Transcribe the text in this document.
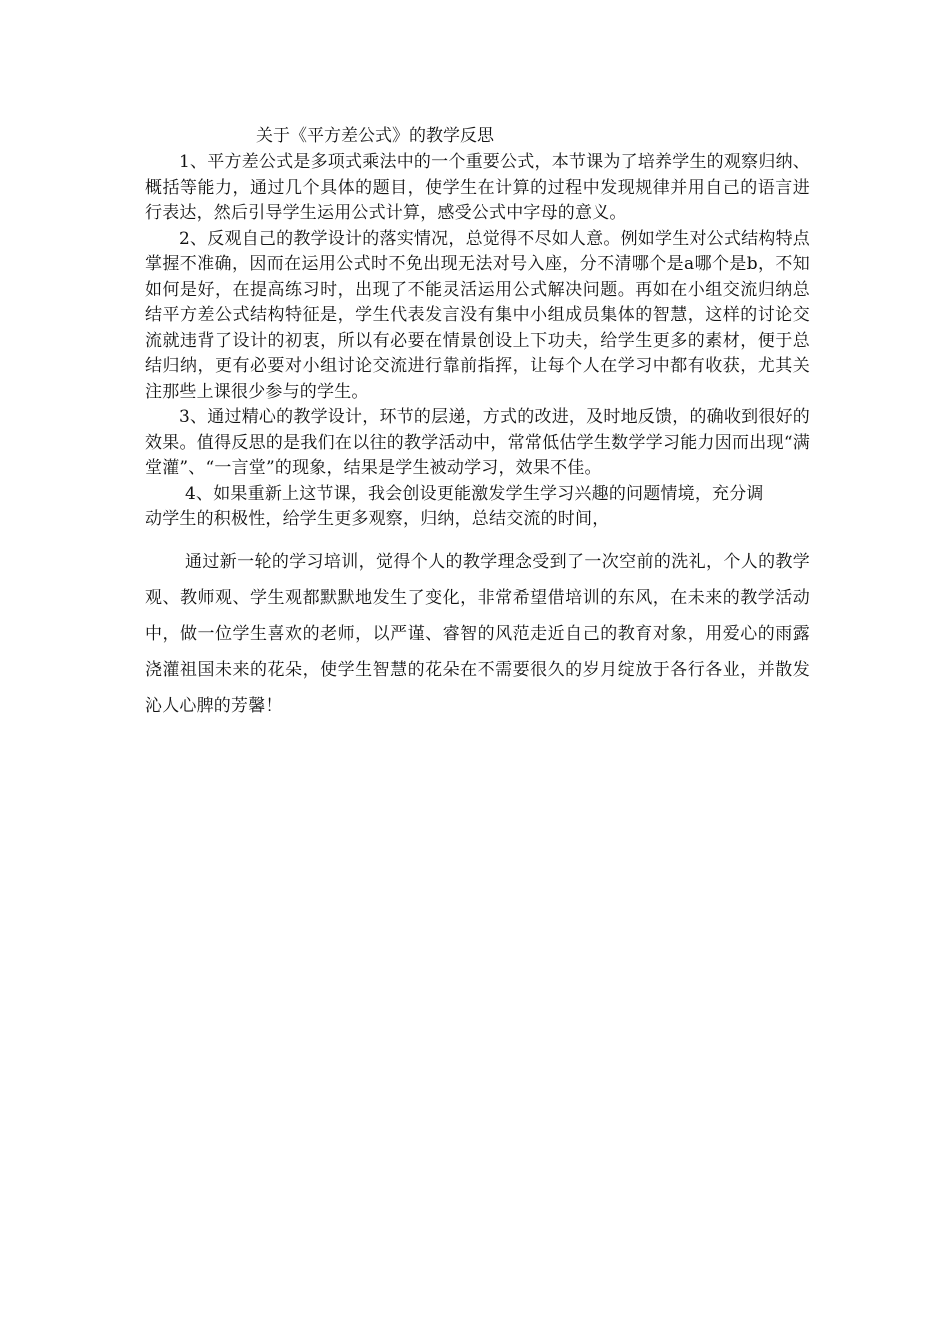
关于《平方差公式》的教学反思

1、平方差公式是多项式乘法中的一个重要公式，本节课为了培养学生的观察归纳、概括等能力，通过几个具体的题目，使学生在计算的过程中发现规律并用自己的语言进行表达，然后引导学生运用公式计算，感受公式中字母的意义。

2、反观自己的教学设计的落实情况，总觉得不尽如人意。例如学生对公式结构特点掌握不准确，因而在运用公式时不免出现无法对号入座，分不清哪个是a哪个是b，不知如何是好，在提高练习时，出现了不能灵活运用公式解决问题。再如在小组交流归纳总结平方差公式结构特征是，学生代表发言没有集中小组成员集体的智慧，这样的讨论交流就违背了设计的初衷，所以有必要在情景创设上下功夫，给学生更多的素材，便于总结归纳，更有必要对小组讨论交流进行靠前指挥，让每个人在学习中都有收获，尤其关注那些上课很少参与的学生。

3、通过精心的教学设计，环节的层递，方式的改进，及时地反馈，的确收到很好的效果。值得反思的是我们在以往的教学活动中，常常低估学生数学学习能力因而出现“满堂灌”、“一言堂”的现象，结果是学生被动学习，效果不佳。

4、如果重新上这节课，我会创设更能激发学生学习兴趣的问题情境，充分调

动学生的积极性，给学生更多观察，归纳，总结交流的时间，

通过新一轮的学习培训，觉得个人的教学理念受到了一次空前的洗礼，个人的教学观、教师观、学生观都默默地发生了变化，非常希望借培训的东风，在未来的教学活动中，做一位学生喜欢的老师，以严谨、睿智的风范走近自己的教育对象，用爱心的雨露浇灌祖国未来的花朵，使学生智慧的花朵在不需要很久的岁月绽放于各行各业，并散发沁人心脾的芳馨！
